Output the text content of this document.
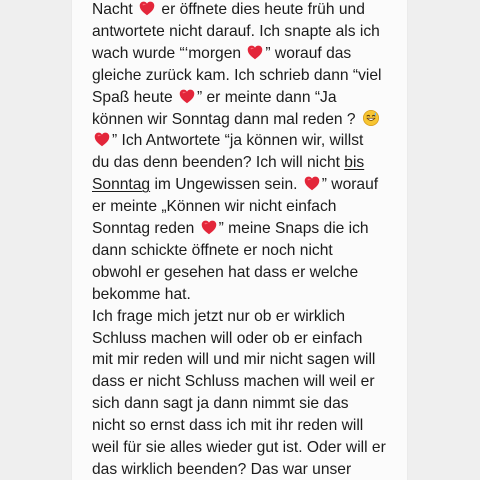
Nacht
er öffnete dies heute früh und
antwortete nicht darauf. Ich snapte als ich
wach wurde “‘morgen
” worauf das
gleiche zurück kam. Ich schrieb dann “viel
Spaß heute
” er meinte dann “Ja
können wir Sonntag dann mal reden ?
” Ich Antwortete “ja können wir, willst
du das denn beenden? Ich will nicht bis
Sonntag im Ungewissen sein.
” worauf
er meinte „Können wir nicht einfach
Sonntag reden
” meine Snaps die ich
dann schickte öffnete er noch nicht
obwohl er gesehen hat dass er welche
bekomme hat.
Ich frage mich jetzt nur ob er wirklich
Schluss machen will oder ob er einfach
mit mir reden will und mir nicht sagen will
dass er nicht Schluss machen will weil er
sich dann sagt ja dann nimmt sie das
nicht so ernst dass ich mit ihr reden will
weil für sie alles wieder gut ist. Oder will er
das wirklich beenden? Das war unser
